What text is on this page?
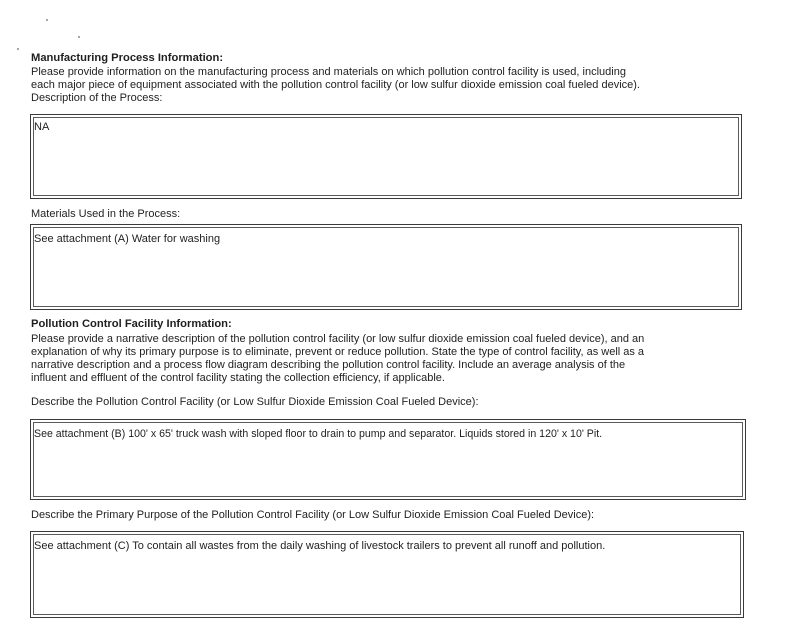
Manufacturing Process Information:
Please provide information on the manufacturing process and materials on which pollution control facility is used, including
each major piece of equipment associated with the pollution control facility (or low sulfur dioxide emission coal fueled device).
Description of the Process:
NA
Materials Used in the Process:
See attachment (A) Water for washing
Pollution Control Facility Information:
Please provide a narrative description of the pollution control facility (or low sulfur dioxide emission coal fueled device), and an
explanation of why its primary purpose is to eliminate, prevent or reduce pollution. State the type of control facility, as well as a
narrative description and a process flow diagram describing the pollution control facility. Include an average analysis of the
influent and effluent of the control facility stating the collection efficiency, if applicable.
Describe the Pollution Control Facility (or Low Sulfur Dioxide Emission Coal Fueled Device):
See attachment (B) 100' x 65' truck wash with sloped floor to drain to pump and separator. Liquids stored in 120' x 10' Pit.
Describe the Primary Purpose of the Pollution Control Facility (or Low Sulfur Dioxide Emission Coal Fueled Device):
See attachment (C) To contain all wastes from the daily washing of livestock trailers to prevent all runoff and pollution.
